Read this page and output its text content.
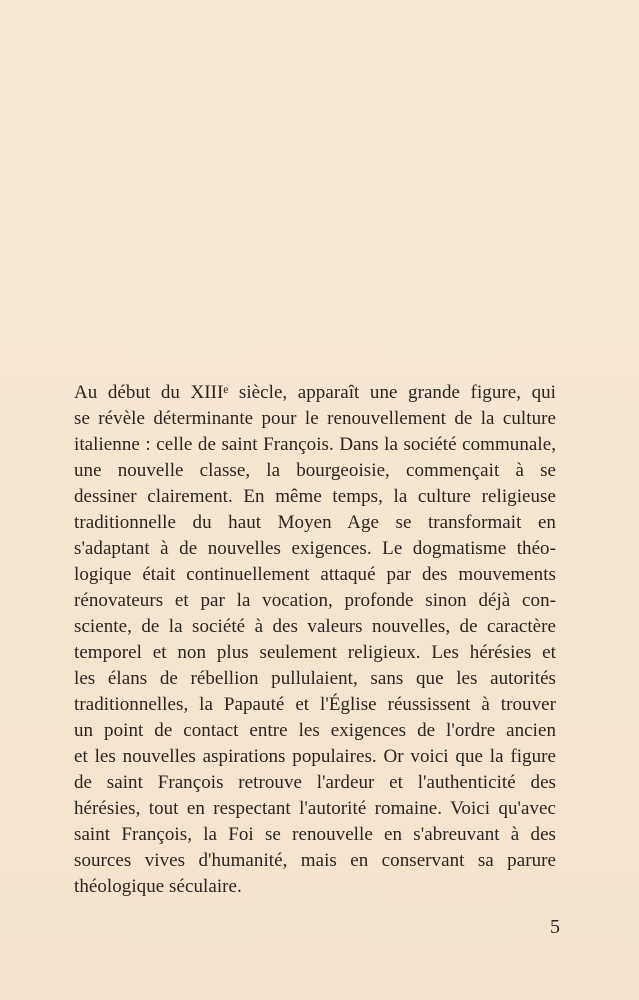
Au début du XIIIᵉ siècle, apparaît une grande figure, qui
se révèle déterminante pour le renouvellement de la culture
italienne : celle de saint François. Dans la société communale,
une nouvelle classe, la bourgeoisie, commençait à se
dessiner clairement. En même temps, la culture religieuse
traditionnelle du haut Moyen Age se transformait en
s'adaptant à de nouvelles exigences. Le dogmatisme théo-
logique était continuellement attaqué par des mouvements
rénovateurs et par la vocation, profonde sinon déjà con-
sciente, de la société à des valeurs nouvelles, de caractère
temporel et non plus seulement religieux. Les hérésies et
les élans de rébellion pullulaient, sans que les autorités
traditionnelles, la Papauté et l'Église réussissent à trouver
un point de contact entre les exigences de l'ordre ancien
et les nouvelles aspirations populaires. Or voici que la figure
de saint François retrouve l'ardeur et l'authenticité des
hérésies, tout en respectant l'autorité romaine. Voici qu'avec
saint François, la Foi se renouvelle en s'abreuvant à des
sources vives d'humanité, mais en conservant sa parure
théologique séculaire.
5
